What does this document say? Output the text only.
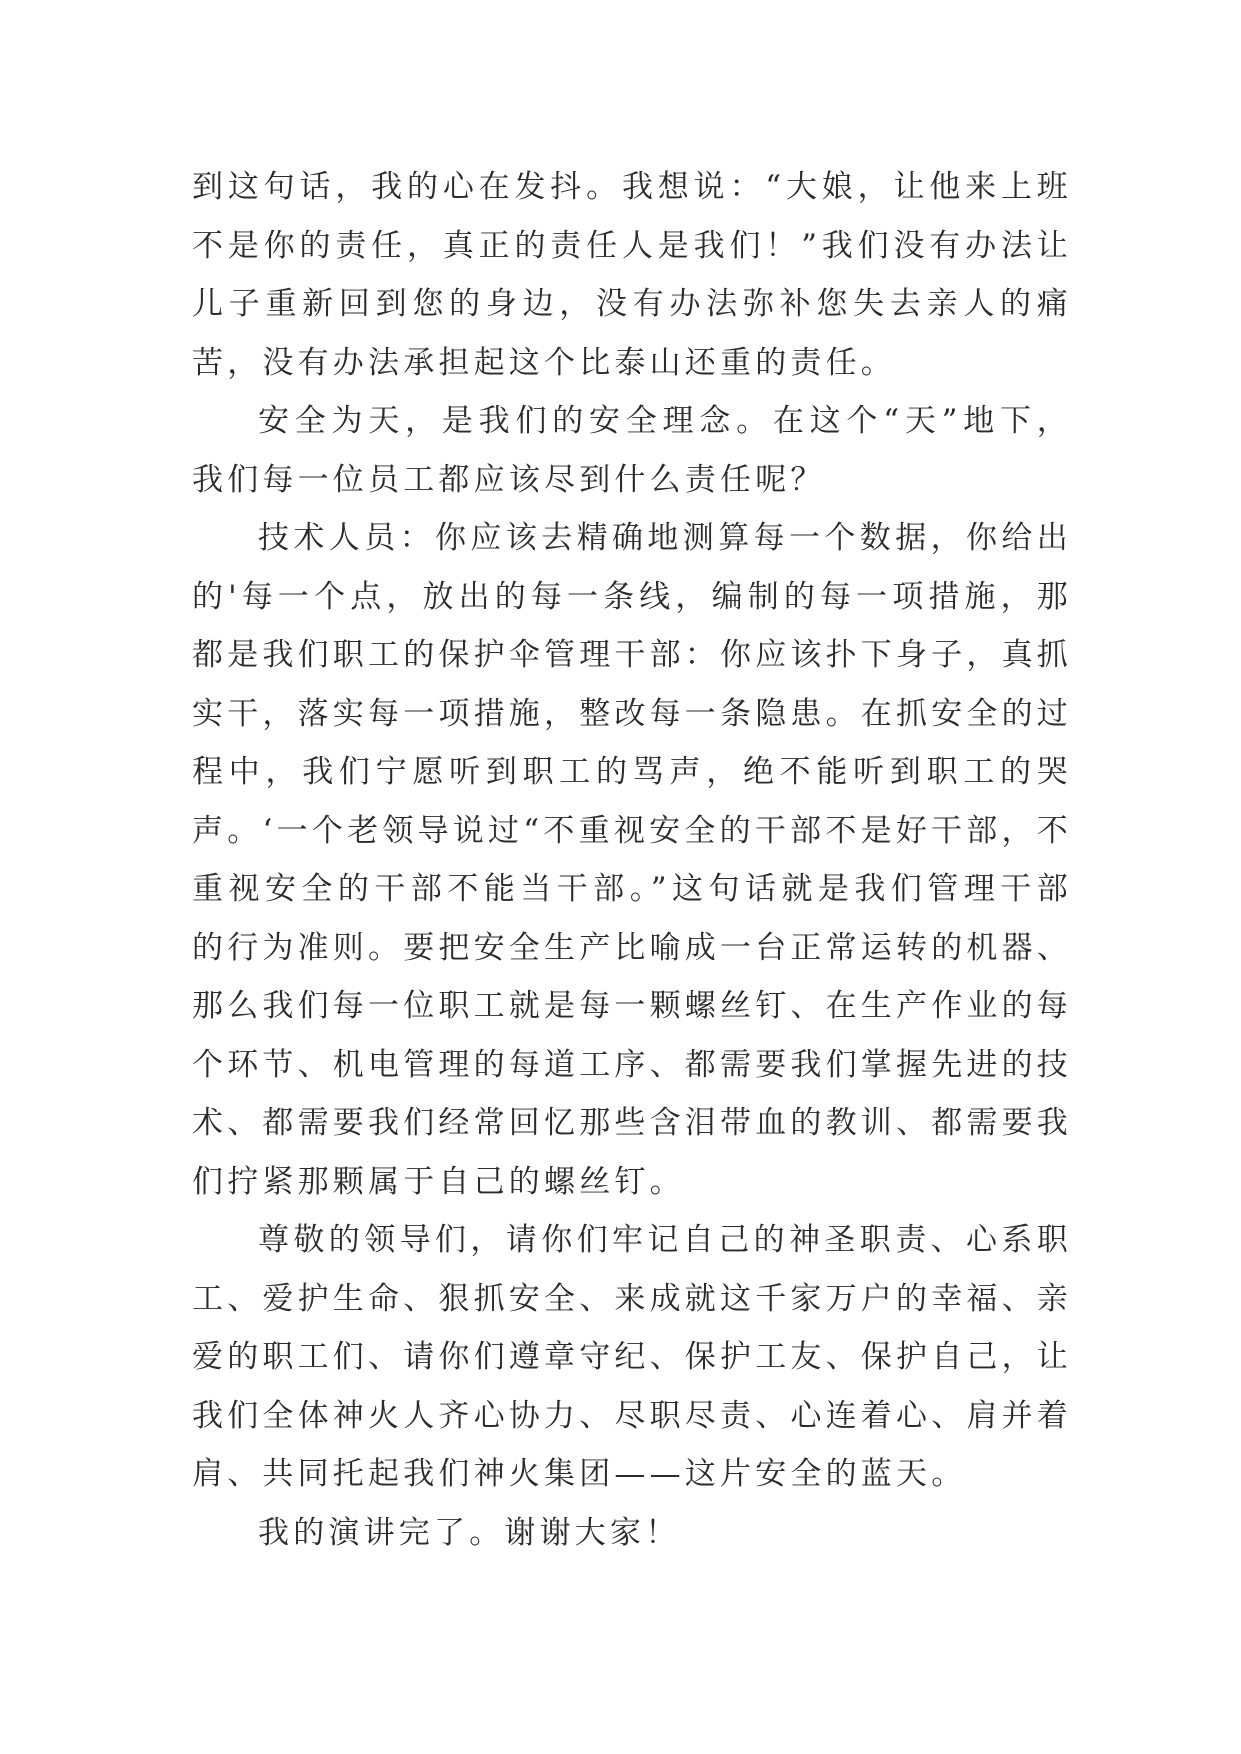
到这句话，我的心在发抖。我想说：“大娘，让他来上班不是你的责任，真正的责任人是我们！”我们没有办法让儿子重新回到您的身边，没有办法弥补您失去亲人的痛苦，没有办法承担起这个比泰山还重的责任。

安全为天，是我们的安全理念。在这个“天”地下，我们每一位员工都应该尽到什么责任呢？

技术人员：你应该去精确地测算每一个数据，你给出的'每一个点，放出的每一条线，编制的每一项措施，那都是我们职工的保护伞管理干部：你应该扑下身子，真抓实干，落实每一项措施，整改每一条隐患。在抓安全的过程中，我们宁愿听到职工的骂声，绝不能听到职工的哭声。‘一个老领导说过“不重视安全的干部不是好干部，不重视安全的干部不能当干部。”这句话就是我们管理干部的行为准则。要把安全生产比喻成一台正常运转的机器、那么我们每一位职工就是每一颗螺丝钉、在生产作业的每个环节、机电管理的每道工序、都需要我们掌握先进的技术、都需要我们经常回忆那些含泪带血的教训、都需要我们拧紧那颗属于自己的螺丝钉。

尊敬的领导们，请你们牢记自己的神圣职责、心系职工、爱护生命、狠抓安全、来成就这千家万户的幸福、亲爱的职工们、请你们遵章守纪、保护工友、保护自己，让我们全体神火人齐心协力、尽职尽责、心连着心、肩并着肩、共同托起我们神火集团——这片安全的蓝天。

我的演讲完了。谢谢大家！
